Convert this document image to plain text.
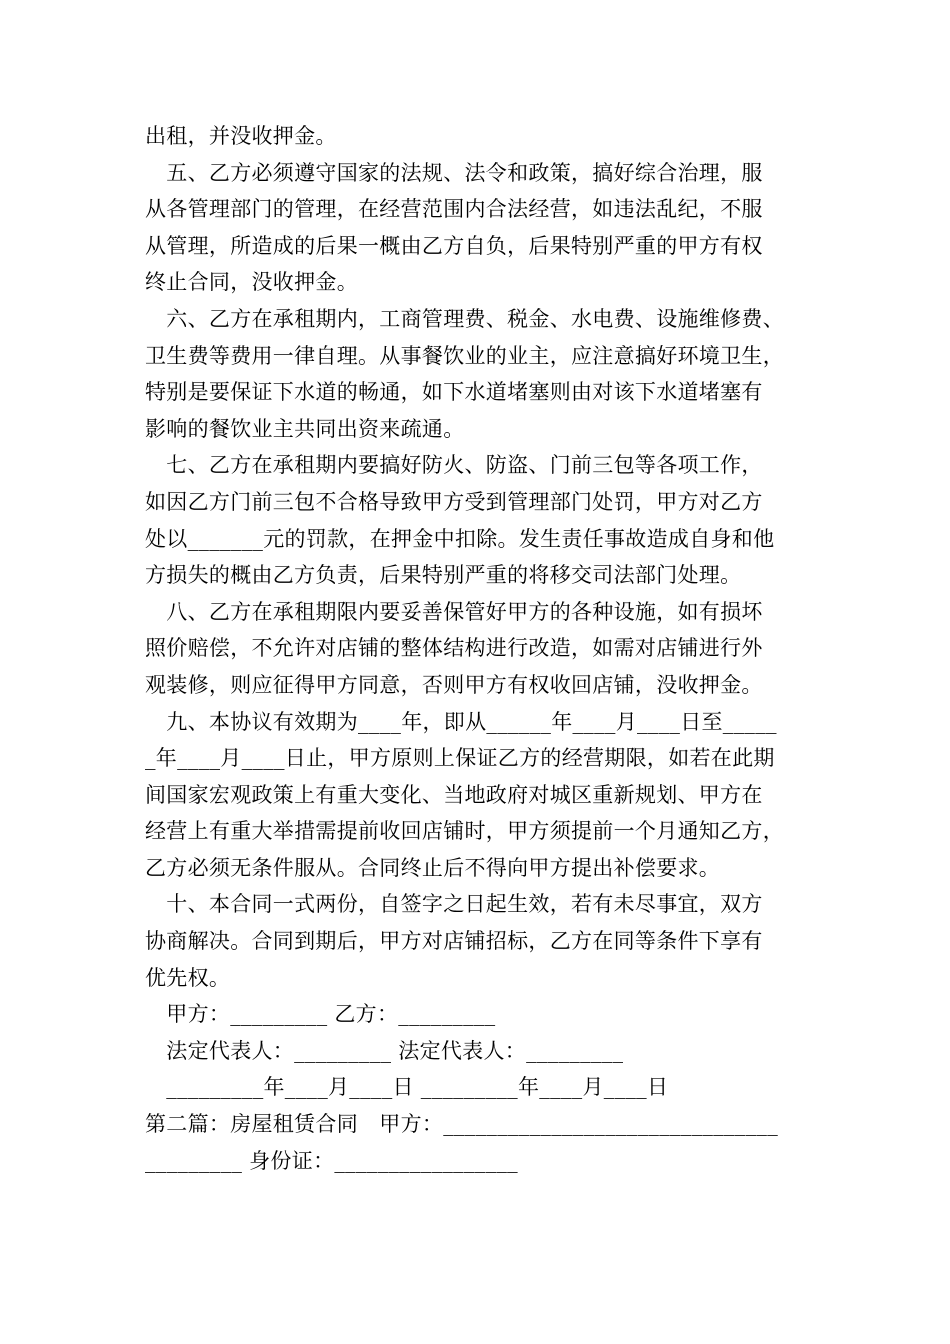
出租，并没收押金。
　五、乙方必须遵守国家的法规、法令和政策，搞好综合治理，服
从各管理部门的管理，在经营范围内合法经营，如违法乱纪，不服
从管理，所造成的后果一概由乙方自负，后果特别严重的甲方有权
终止合同，没收押金。
　六、乙方在承租期内，工商管理费、税金、水电费、设施维修费、
卫生费等费用一律自理。从事餐饮业的业主，应注意搞好环境卫生，
特别是要保证下水道的畅通，如下水道堵塞则由对该下水道堵塞有
影响的餐饮业主共同出资来疏通。
　七、乙方在承租期内要搞好防火、防盗、门前三包等各项工作，
如因乙方门前三包不合格导致甲方受到管理部门处罚，甲方对乙方
处以_______元的罚款，在押金中扣除。发生责任事故造成自身和他
方损失的概由乙方负责，后果特别严重的将移交司法部门处理。
　八、乙方在承租期限内要妥善保管好甲方的各种设施，如有损坏
照价赔偿，不允许对店铺的整体结构进行改造，如需对店铺进行外
观装修，则应征得甲方同意，否则甲方有权收回店铺，没收押金。
　九、本协议有效期为____年，即从______年____月____日至_____
_年____月____日止，甲方原则上保证乙方的经营期限，如若在此期
间国家宏观政策上有重大变化、当地政府对城区重新规划、甲方在
经营上有重大举措需提前收回店铺时，甲方须提前一个月通知乙方，
乙方必须无条件服从。合同终止后不得向甲方提出补偿要求。
　十、本合同一式两份，自签字之日起生效，若有未尽事宜，双方
协商解决。合同到期后，甲方对店铺招标，乙方在同等条件下享有
优先权。
　甲方：_________ 乙方：_________
　法定代表人：_________ 法定代表人：_________
　_________年____月____日 _________年____月____日
第二篇：房屋租赁合同　甲方：_______________________________
_________ 身份证：_________________
